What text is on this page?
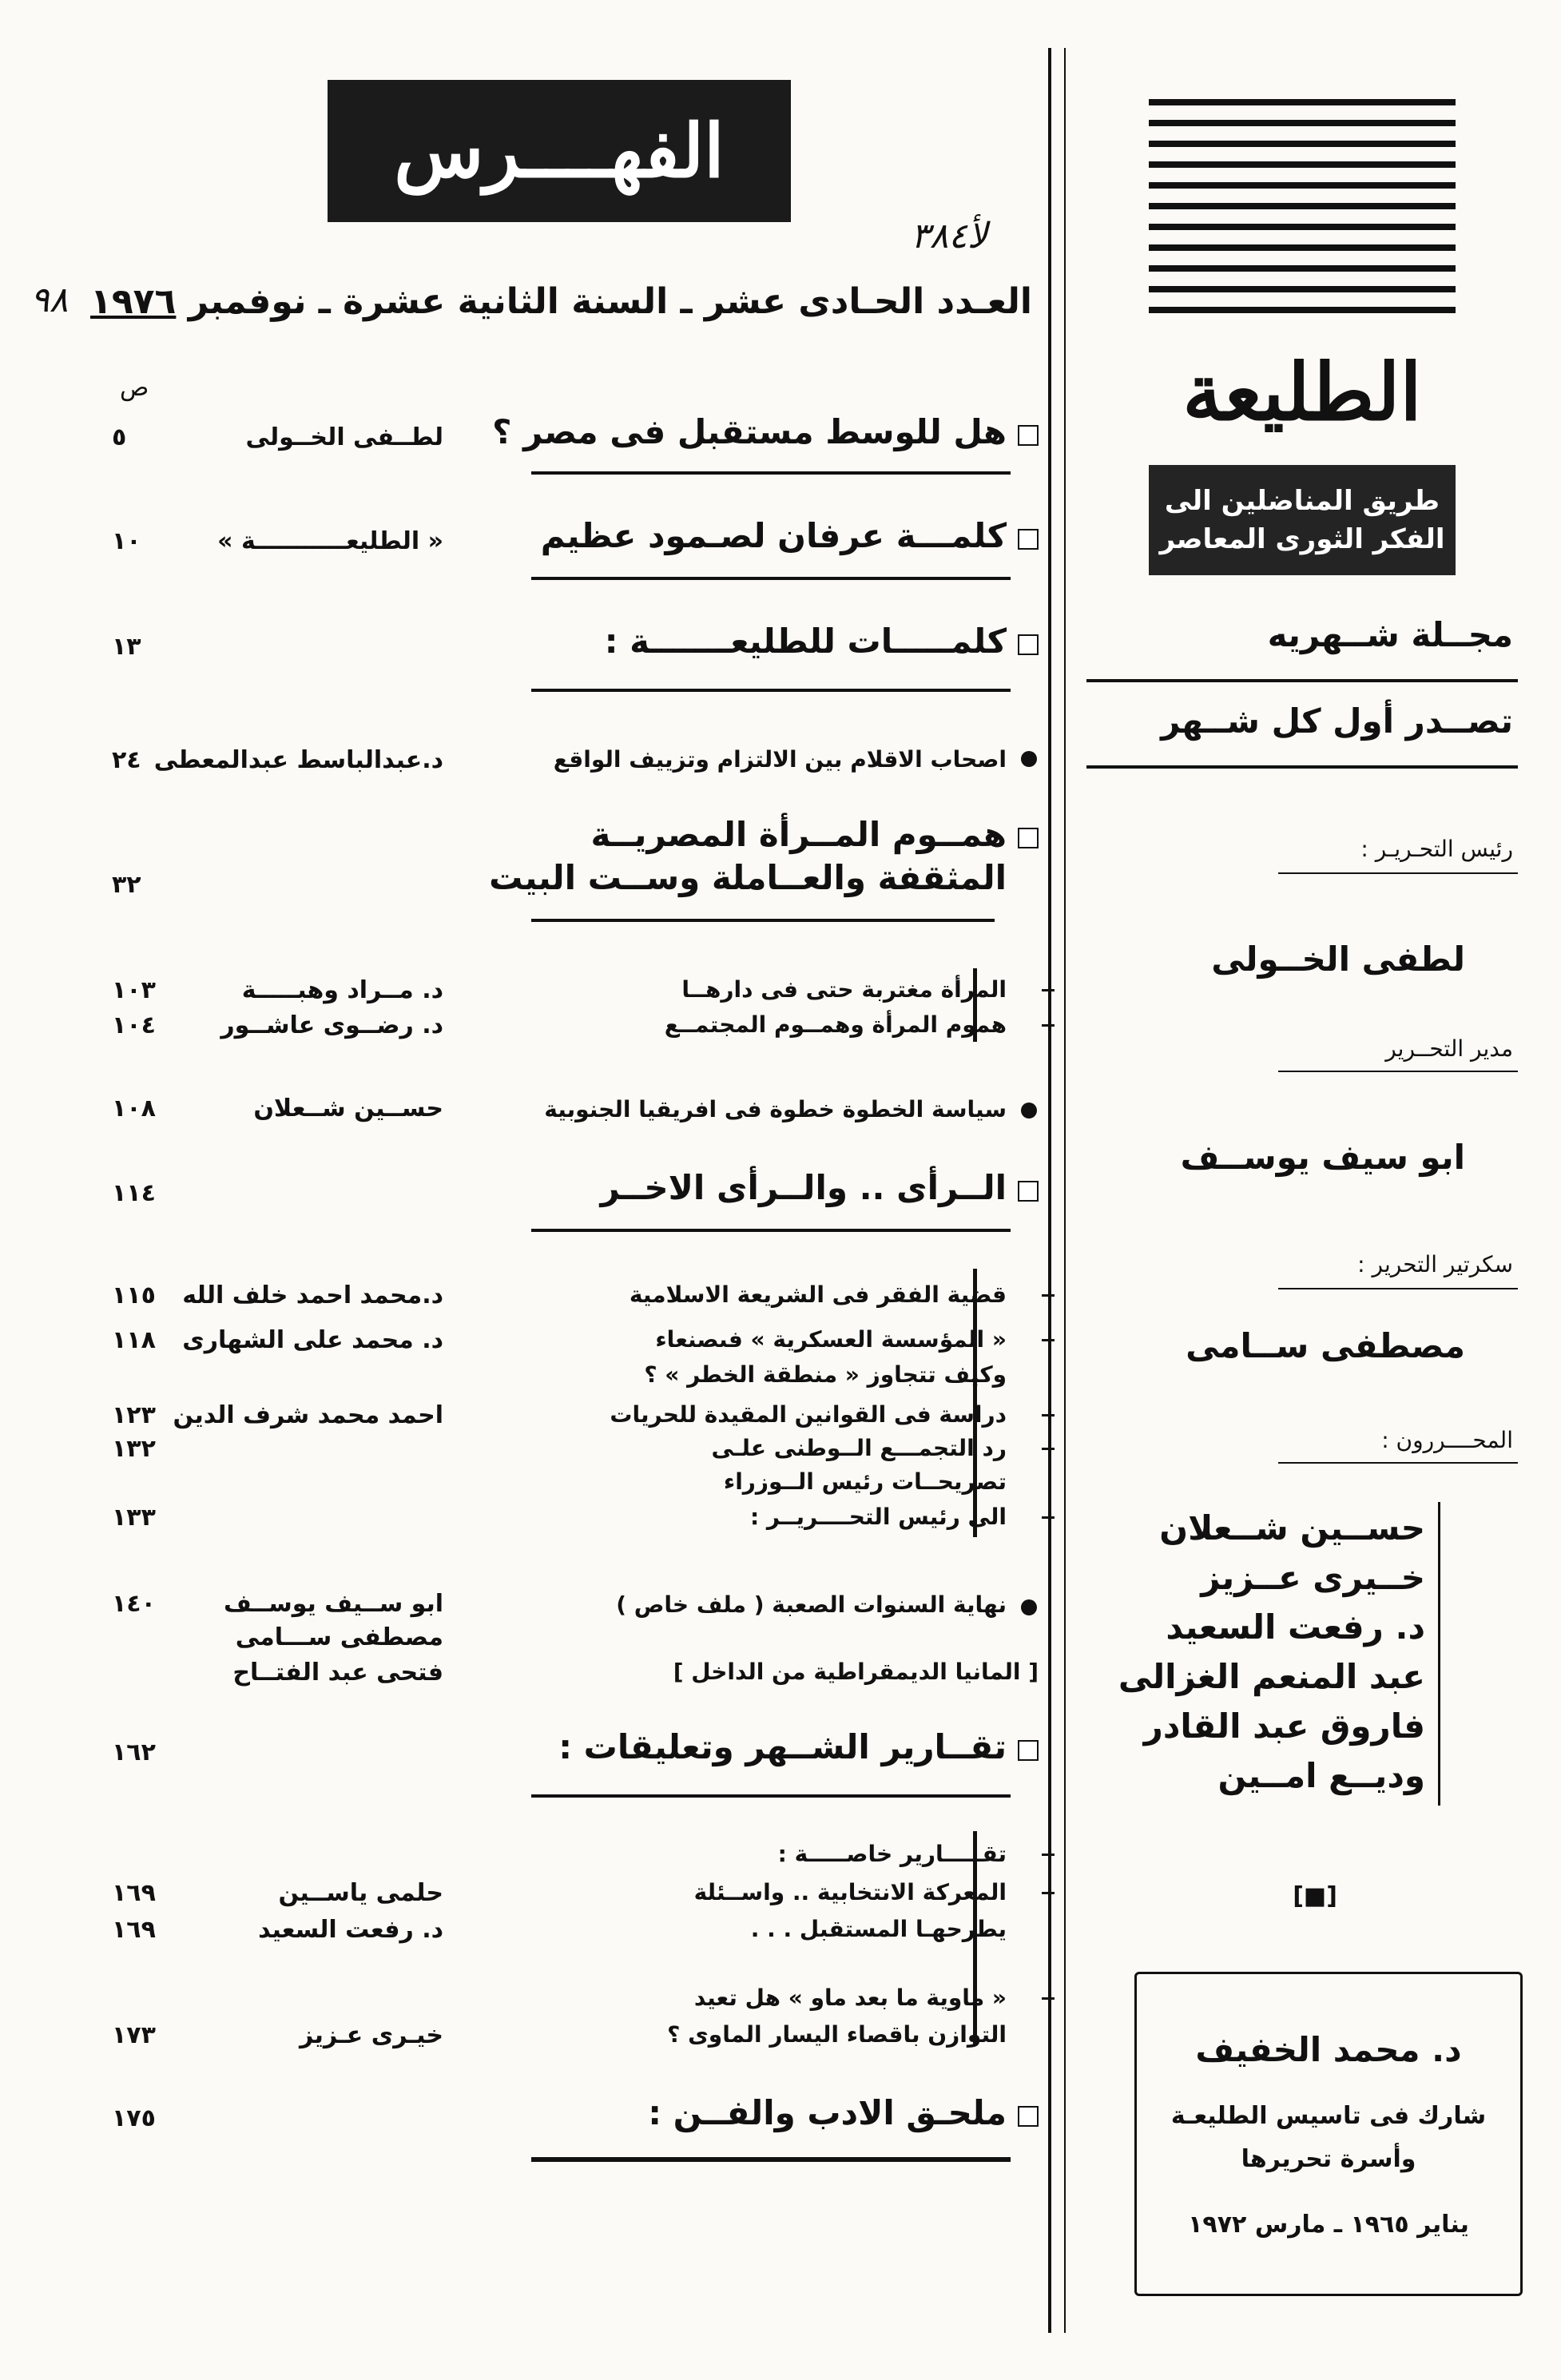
الفهــــرس
ﻷ٣٨٤
٩٨	العـدد الحـادى عشر ـ السنة الثانية عشرة ـ نوفمبر ١٩٧٦
ص
هل للوسط مستقبل فى مصر ؟
لطــفى الخــولى
٥
كلمـــة عرفان لصـمود عظيم
« الطليعـــــــــــة »
١٠
كلمـــــات للطليعـــــــة :
١٣
اصحاب الاقلام بين الالتزام وتزييف الواقع
د.عبدالباسط عبدالمعطى
٢٤
همــوم المــرأة المصريــة
المثقفة والعــاملة وســت البيت
٣٢
المرأة مغتربة حتى فى دارهــا
د. مــراد وهبـــــة
١٠٣
هموم المرأة وهمــوم المجتمــع
د. رضــوى عاشــور
١٠٤
سياسة الخطوة خطوة فى افريقيا الجنوبية
حســين شــعلان
١٠٨
الــرأى .. والــرأى الاخــر
١١٤
قضية الفقر فى الشريعة الاسلامية
د.محمد احمد خلف الله
١١٥
« المؤسسة العسكرية » فىصنعاء
د. محمد على الشهارى
١١٨
وكيف تتجاوز « منطقة الخطر » ؟
دراسة فى القوانين المقيدة للحريات
احمد محمد شرف الدين
١٢٣
رد التجمـــع الــوطنى علـى
١٣٢
تصريحــات رئيس الــوزراء
الى رئيس التحــــريــر :
١٣٣
نهاية السنوات الصعبة ( ملف خاص )
ابو ســيف يوســف
١٤٠
مصطفى ســـامى
[ المانيا الديمقراطية من الداخل ]
فتحى عبد الفتــاح
تقــارير الشــهر وتعليقات :
١٦٢
تقـــــارير خاصـــــة :
المعركة الانتخابية .. واســئلة
حلمى ياســين
١٦٩
يطرحهـا المستقبل . . .
د. رفعت السعيد
١٦٩
« ماوية ما بعد ماو » هل تعيد
التوازن باقصاء اليسار الماوى ؟
خيـرى عـزيز
١٧٣
ملحـق الادب والفــن :
١٧٥
الطليعة
طريق المناضلين الى
الفكر الثورى المعاصر
مجــلة شــهريه
تصــدر أول كل شــهر
رئيس التحـريـر :
لطفى الخــولى
مدير التحــرير
ابو سيف يوســف
سكرتير التحرير :
مصطفى ســامى
المحــــررون :
حســين شــعلان
خــيرى عــزيز
د. رفعت السعيد
عبد المنعم الغزالى
فاروق عبد القادر
وديــع امــين
[■]
د. محمد الخفيف
شارك فى تاسيس الطليعـة
وأسرة تحريرها
يناير ١٩٦٥ ـ مارس ١٩٧٢
